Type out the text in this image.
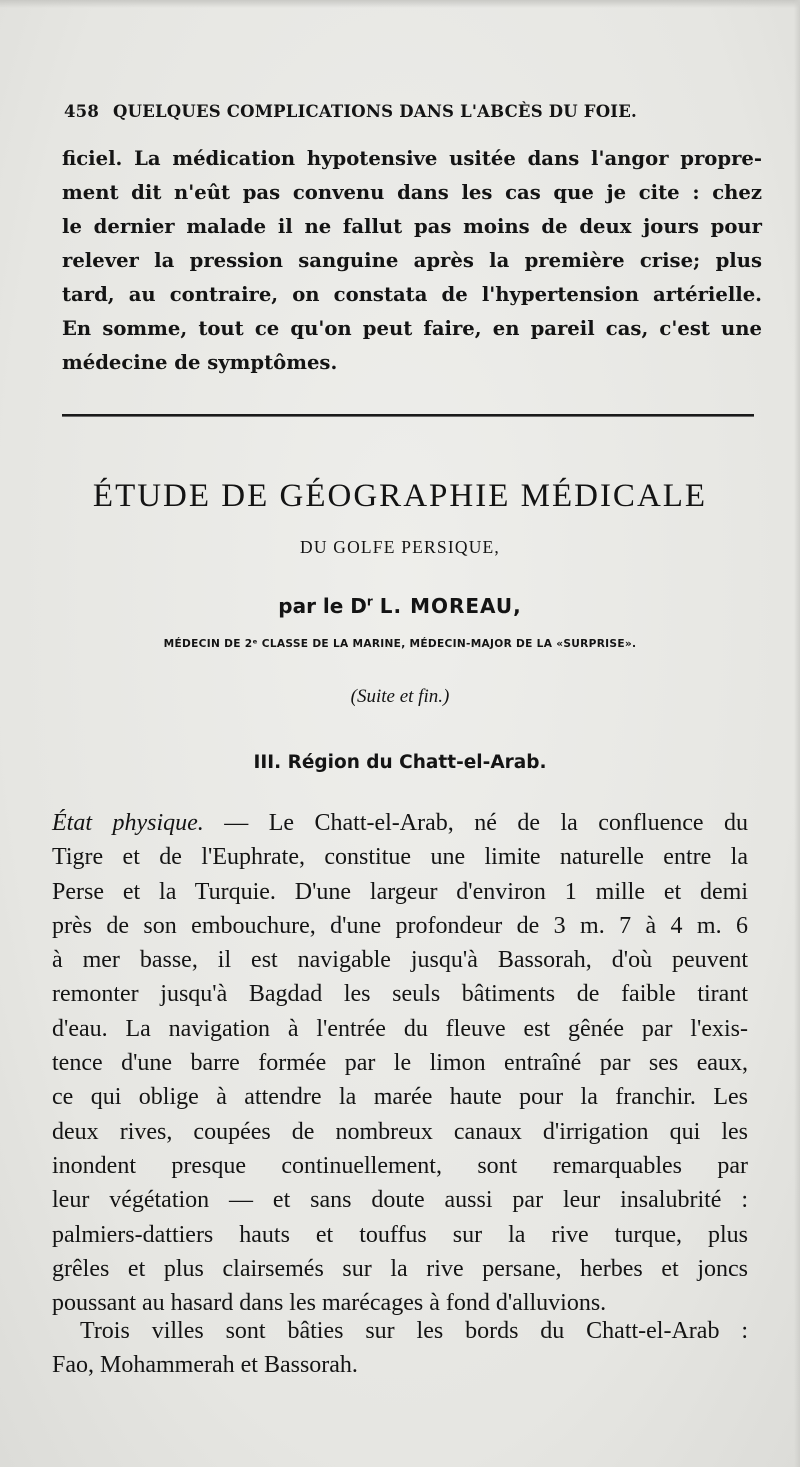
458 QUELQUES COMPLICATIONS DANS L'ABCÈS DU FOIE.
ficiel. La médication hypotensive usitée dans l'angor propre-
ment dit n'eût pas convenu dans les cas que je cite : chez
le dernier malade il ne fallut pas moins de deux jours pour
relever la pression sanguine après la première crise; plus
tard, au contraire, on constata de l'hypertension artérielle.
En somme, tout ce qu'on peut faire, en pareil cas, c'est une
médecine de symptômes.
ÉTUDE DE GÉOGRAPHIE MÉDICALE
DU GOLFE PERSIQUE,
par le $D^r$ L. MOREAU,
MÉDECIN DE 2ᵉ CLASSE DE LA MARINE, MÉDECIN-MAJOR DE LA «SURPRISE».
(Suite et fin.)
III. Région du Chatt-el-Arab.
État physique. — Le Chatt-el-Arab, né de la confluence du
Tigre et de l'Euphrate, constitue une limite naturelle entre la
Perse et la Turquie. D'une largeur d'environ 1 mille et demi
près de son embouchure, d'une profondeur de 3 m. 7 à 4 m. 6
à mer basse, il est navigable jusqu'à Bassorah, d'où peuvent
remonter jusqu'à Bagdad les seuls bâtiments de faible tirant
d'eau. La navigation à l'entrée du fleuve est gênée par l'exis-
tence d'une barre formée par le limon entraîné par ses eaux,
ce qui oblige à attendre la marée haute pour la franchir. Les
deux rives, coupées de nombreux canaux d'irrigation qui les
inondent presque continuellement, sont remarquables par
leur végétation — et sans doute aussi par leur insalubrité :
palmiers-dattiers hauts et touffus sur la rive turque, plus
grêles et plus clairsemés sur la rive persane, herbes et joncs
poussant au hasard dans les marécages à fond d'alluvions.
Trois villes sont bâties sur les bords du Chatt-el-Arab :
Fao, Mohammerah et Bassorah.
